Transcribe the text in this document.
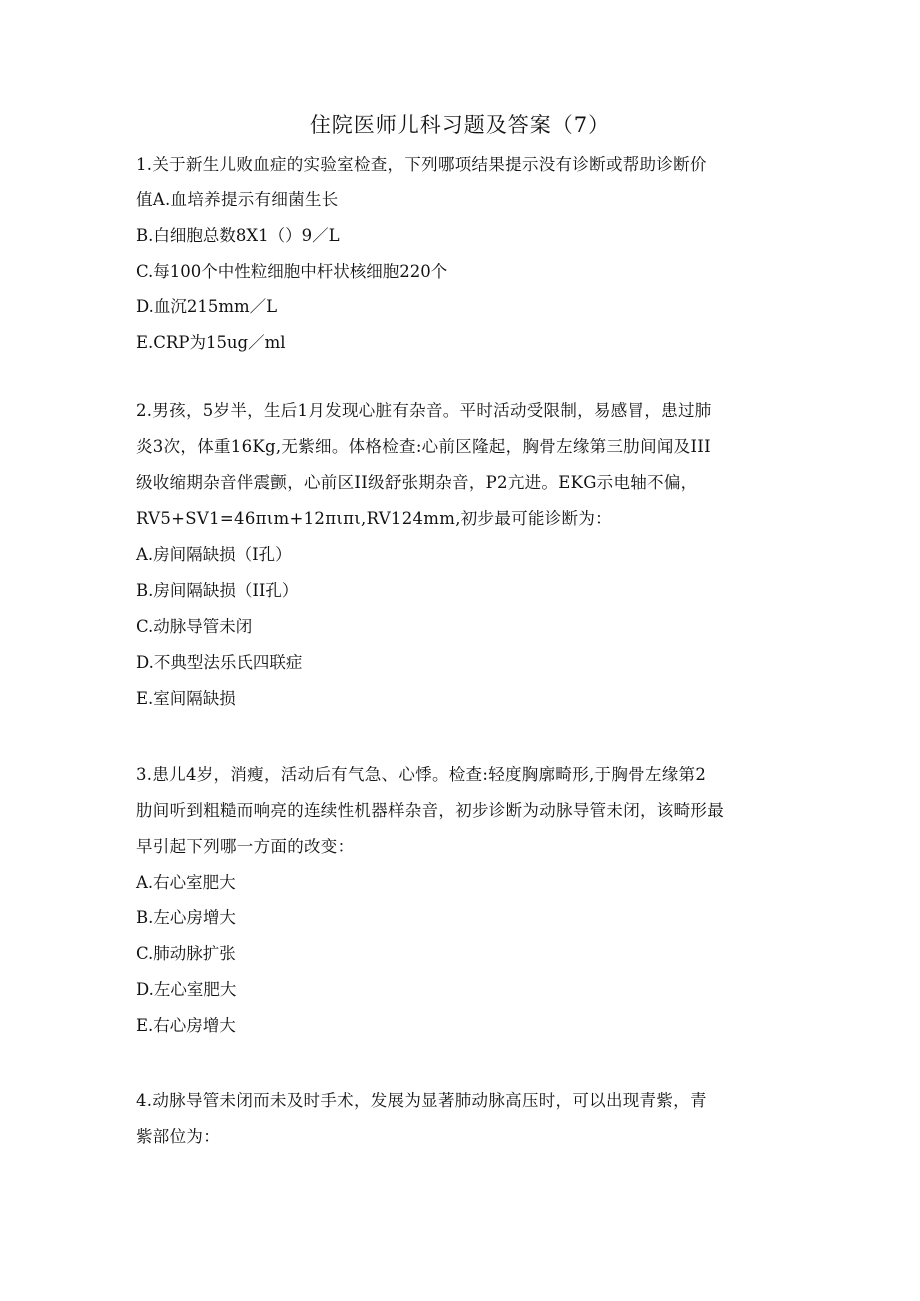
住院医师儿科习题及答案（7）

1.关于新生儿败血症的实验室检查，下列哪项结果提示没有诊断或帮助诊断价

值A.血培养提示有细菌生长

B.白细胞总数8X1（）9／L

C.每100个中性粒细胞中杆状核细胞220个

D.血沉215mm／L

E.CRP为15ug／ml

2.男孩，5岁半，生后1月发现心脏有杂音。平时活动受限制，易感冒，患过肺

炎3次，体重16Kg,无紫细。体格检查:心前区隆起，胸骨左缘第三肋间闻及III

级收缩期杂音伴震颤，心前区II级舒张期杂音，P2亢进。EKG示电轴不偏，

RV5+SV1=46πιm+12πιπι,RV124mm,初步最可能诊断为：

A.房间隔缺损（I孔）

B.房间隔缺损（II孔）

C.动脉导管未闭

D.不典型法乐氏四联症

E.室间隔缺损

3.患儿4岁，消瘦，活动后有气急、心悸。检查:轻度胸廓畸形,于胸骨左缘第2

肋间听到粗糙而响亮的连续性机器样杂音，初步诊断为动脉导管未闭，该畸形最

早引起下列哪一方面的改变：

A.右心室肥大

B.左心房增大

C.肺动脉扩张

D.左心室肥大

E.右心房增大

4.动脉导管未闭而未及时手术，发展为显著肺动脉高压时，可以出现青紫，青

紫部位为：
